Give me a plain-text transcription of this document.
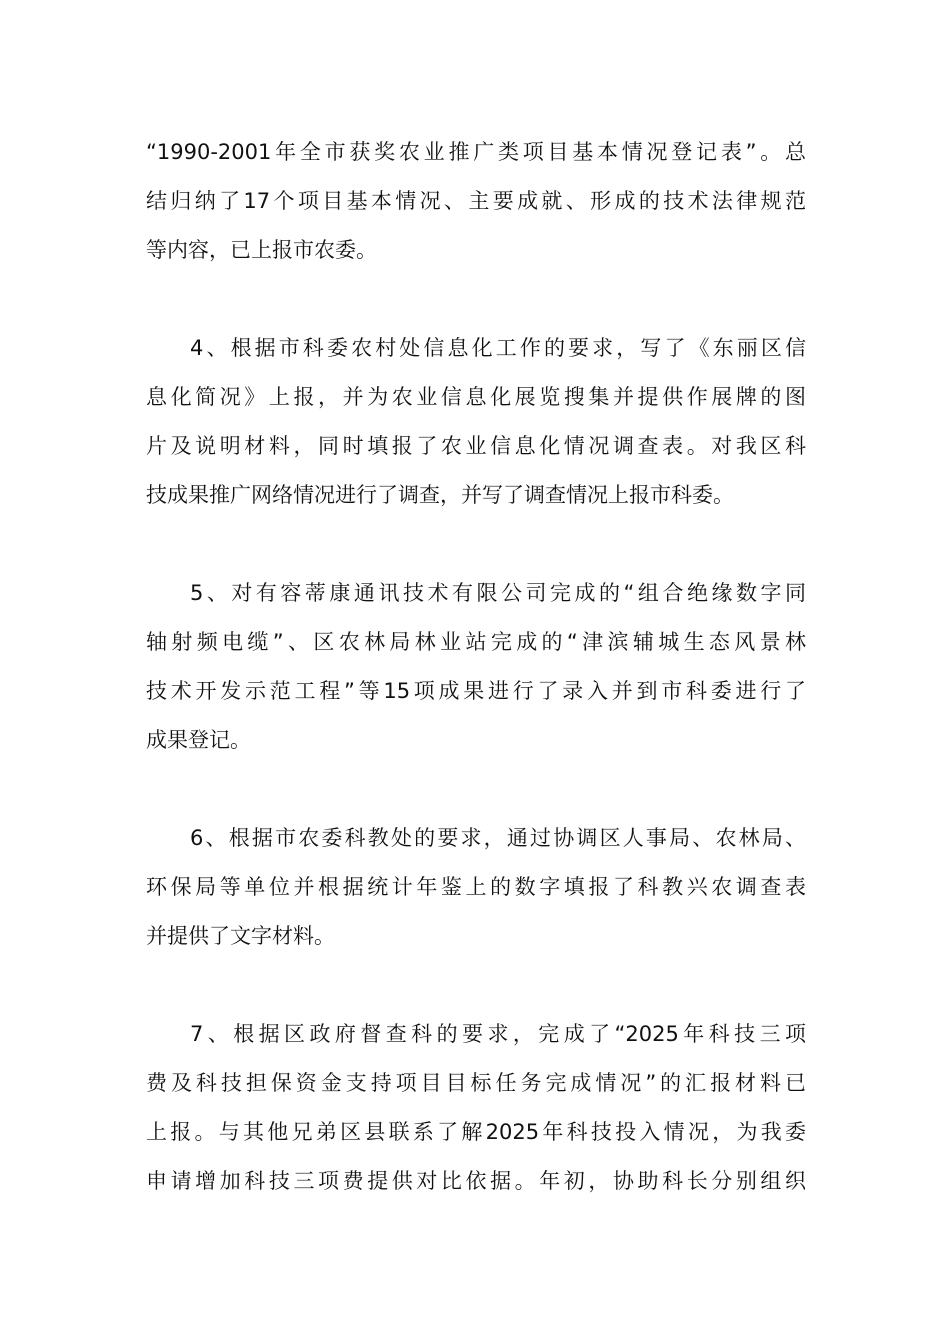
“1990-2001年全市获奖农业推广类项目基本情况登记表”。总
结归纳了17个项目基本情况、主要成就、形成的技术法律规范
等内容，已上报市农委。
4、根据市科委农村处信息化工作的要求，写了《东丽区信
息化简况》上报，并为农业信息化展览搜集并提供作展牌的图
片及说明材料，同时填报了农业信息化情况调查表。对我区科
技成果推广网络情况进行了调查，并写了调查情况上报市科委。
5、对有容蒂康通讯技术有限公司完成的“组合绝缘数字同
轴射频电缆”、区农林局林业站完成的“津滨辅城生态风景林
技术开发示范工程”等15项成果进行了录入并到市科委进行了
成果登记。
6、根据市农委科教处的要求，通过协调区人事局、农林局、
环保局等单位并根据统计年鉴上的数字填报了科教兴农调查表
并提供了文字材料。
7、根据区政府督查科的要求，完成了“2025年科技三项
费及科技担保资金支持项目目标任务完成情况”的汇报材料已
上报。与其他兄弟区县联系了解2025年科技投入情况，为我委
申请增加科技三项费提供对比依据。年初，协助科长分别组织
